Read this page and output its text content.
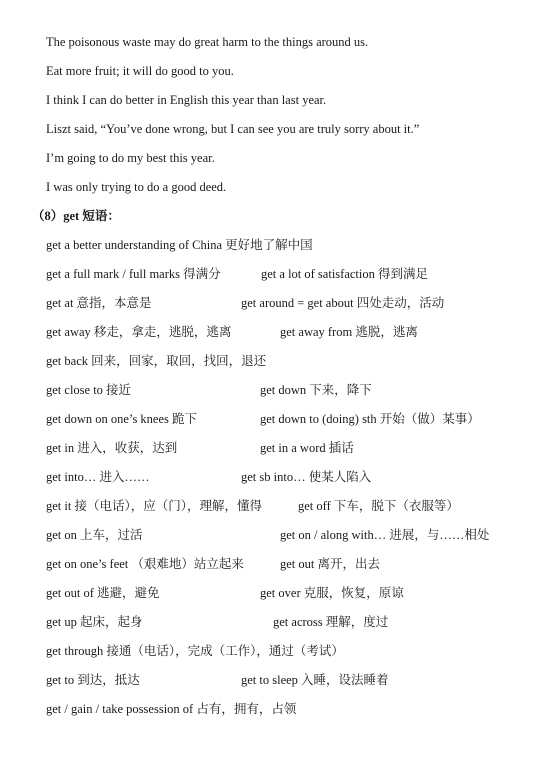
The poisonous waste may do great harm to the things around us.
Eat more fruit; it will do good to you.
I think I can do better in English this year than last year.
Liszt said, “You’ve done wrong, but I can see you are truly sorry about it.”
I’m going to do my best this year.
I was only trying to do a good deed.
（8）get 短语：
get a better understanding of China 更好地了解中国
get a full mark / full marks 得满分	get a lot of satisfaction 得到满足
get at 意指，本意是	get around = get about 四处走动，活动
get away 移走，拿走，逃脱，逃离	get away from 逃脱，逃离
get back 回来，回家，取回，找回，退还
get close to 接近	get down 下来，降下
get down on one’s knees 跪下	get down to (doing) sth 开始（做）某事）
get in 进入，收获，达到	get in a word 插话
get into… 进入……	get sb into… 使某人陷入
get it 接（电话），应（门），理解，懂得	get off 下车，脱下（衣服等）
get on 上车，过活	get on / along with… 进展，与……相处
get on one’s feet （艰难地）站立起来	get out 离开，出去
get out of 逃避，避免	get over 克服，恢复，原谅
get up 起床，起身	get across 理解，度过
get through 接通（电话），完成（工作），通过（考试）
get to 到达，抵达	get to sleep 入睡，设法睡着
get / gain / take possession of 占有，拥有，占领
